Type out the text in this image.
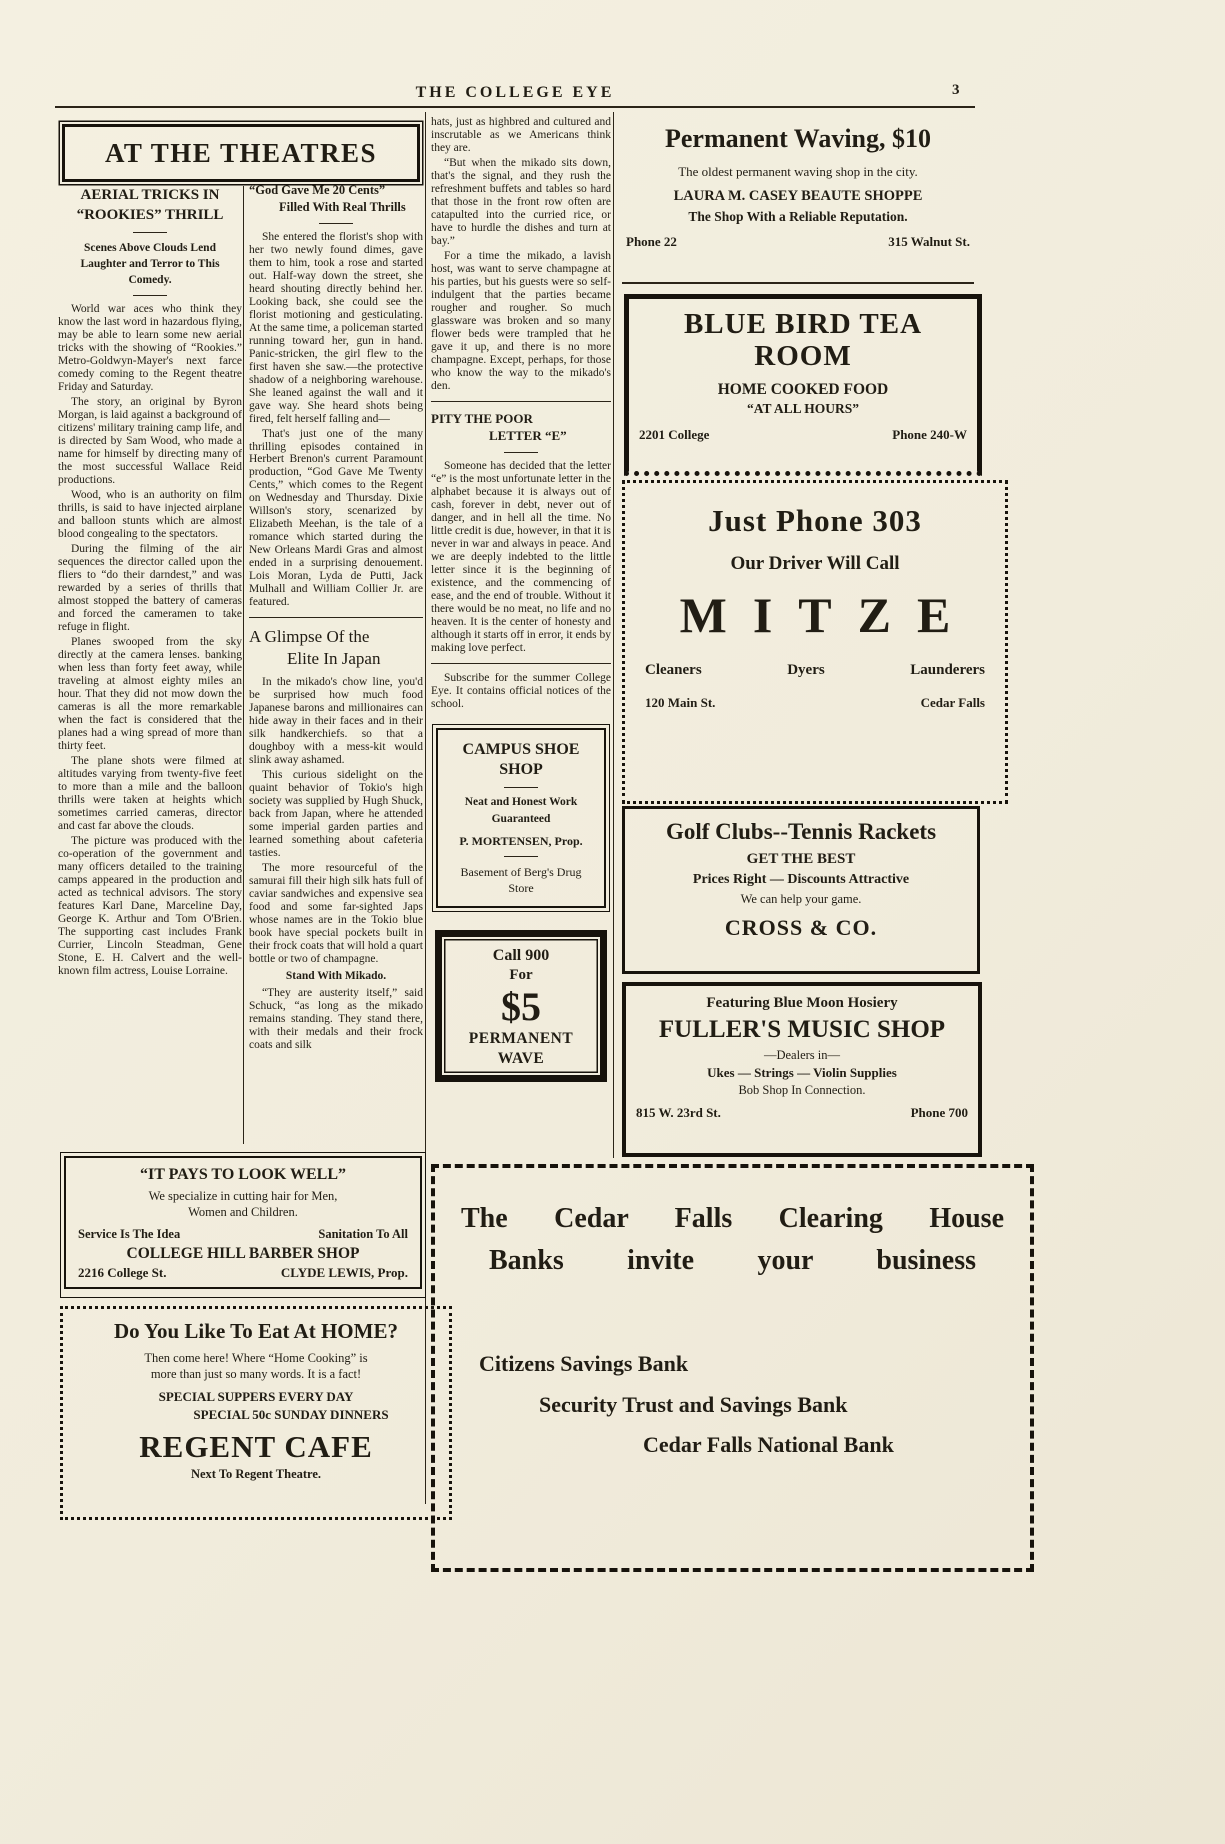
THE COLLEGE EYE	3
AT THE THEATRES
AERIAL TRICKS IN
“ROOKIES” THRILL
Scenes Above Clouds Lend Laughter and Terror to This Comedy.

World war aces who think they know the last word in hazardous flying, may be able to learn some new aerial tricks with the showing of “Rookies.” Metro-Goldwyn-Mayer's next farce comedy coming to the Regent theatre Friday and Saturday.

The story, an original by Byron Morgan, is laid against a background of citizens' military training camp life, and is directed by Sam Wood, who made a name for himself by directing many of the most successful Wallace Reid productions.

Wood, who is an authority on film thrills, is said to have injected airplane and balloon stunts which are almost blood congealing to the spectators.

During the filming of the air sequences the director called upon the fliers to “do their darndest,” and was rewarded by a series of thrills that almost stopped the battery of cameras and forced the cameramen to take refuge in flight.

Planes swooped from the sky directly at the camera lenses. banking when less than forty feet away, while traveling at almost eighty miles an hour. That they did not mow down the cameras is all the more remarkable when the fact is considered that the planes had a wing spread of more than thirty feet.

The plane shots were filmed at altitudes varying from twenty-five feet to more than a mile and the balloon thrills were taken at heights which sometimes carried cameras, director and cast far above the clouds.

The picture was produced with the co-operation of the government and many officers detailed to the training camps appeared in the production and acted as technical advisors. The story features Karl Dane, Marceline Day, George K. Arthur and Tom O'Brien. The supporting cast includes Frank Currier, Lincoln Steadman, Gene Stone, E. H. Calvert and the well-known film actress, Louise Lorraine.

“God Gave Me 20 Cents”
Filled With Real Thrills

She entered the florist's shop with her two newly found dimes, gave them to him, took a rose and started out. Half-way down the street, she heard shouting directly behind her. Looking back, she could see the florist motioning and gesticulating. At the same time, a policeman started running toward her, gun in hand. Panic-stricken, the girl flew to the first haven she saw.—the protective shadow of a neighboring warehouse. She leaned against the wall and it gave way. She heard shots being fired, felt herself falling and—

That's just one of the many thrilling episodes contained in Herbert Brenon's current Paramount production, “God Gave Me Twenty Cents,” which comes to the Regent on Wednesday and Thursday. Dixie Willson's story, scenarized by Elizabeth Meehan, is the tale of a romance which started during the New Orleans Mardi Gras and almost ended in a surprising denouement. Lois Moran, Lyda de Putti, Jack Mulhall and William Collier Jr. are featured.

A Glimpse Of the
Elite In Japan

In the mikado's chow line, you'd be surprised how much food Japanese barons and millionaires can hide away in their faces and in their silk handkerchiefs. so that a doughboy with a mess-kit would slink away ashamed.

This curious sidelight on the quaint behavior of Tokio's high society was supplied by Hugh Shuck, back from Japan, where he attended some imperial garden parties and learned something about cafeteria tasties.

The more resourceful of the samurai fill their high silk hats full of caviar sandwiches and expensive sea food and some far-sighted Japs whose names are in the Tokio blue book have special pockets built in their frock coats that will hold a quart bottle or two of champagne.

Stand With Mikado.

“They are austerity itself,” said Schuck, “as long as the mikado remains standing. They stand there, with their medals and their frock coats and silk

hats, just as highbred and cultured and inscrutable as we Americans think they are.

“But when the mikado sits down, that's the signal, and they rush the refreshment buffets and tables so hard that those in the front row often are catapulted into the curried rice, or have to hurdle the dishes and turn at bay.”

For a time the mikado, a lavish host, was want to serve champagne at his parties, but his guests were so self-indulgent that the parties became rougher and rougher. So much glassware was broken and so many flower beds were trampled that he gave it up, and there is no more champagne. Except, perhaps, for those who know the way to the mikado's den.

PITY THE POOR
LETTER “E”

Someone has decided that the letter “e” is the most unfortunate letter in the alphabet because it is always out of cash, forever in debt, never out of danger, and in hell all the time. No little credit is due, however, in that it is never in war and always in peace. And we are deeply indebted to the little letter since it is the beginning of existence, and the commencing of ease, and the end of trouble. Without it there would be no meat, no life and no heaven. It is the center of honesty and although it starts off in error, it ends by making love perfect.

Subscribe for the summer College Eye. It contains official notices of the school.

CAMPUS SHOE
SHOP
Neat and Honest Work
Guaranteed
P. MORTENSEN, Prop.
Basement of Berg's Drug
Store
Call 900
For
$5
PERMANENT
WAVE
Permanent Waving, $10
The oldest permanent waving shop in the city.
LAURA M. CASEY BEAUTE SHOPPE
The Shop With a Reliable Reputation.
Phone 22	315 Walnut St.
BLUE BIRD TEA
ROOM
HOME COOKED FOOD
“AT ALL HOURS”
2201 College	Phone 240-W
Just Phone 303
Our Driver Will Call
MITZE
Cleaners	Dyers	Launderers
120 Main St.	Cedar Falls
Golf Clubs--Tennis Rackets
GET THE BEST
Prices Right — Discounts Attractive
We can help your game.
CROSS & CO.
Featuring Blue Moon Hosiery
FULLER'S MUSIC SHOP
—Dealers in—
Ukes — Strings — Violin Supplies
Bob Shop In Connection.
815 W. 23rd St.	Phone 700
The Cedar Falls Clearing House
Banks invite your business
Citizens Savings Bank
Security Trust and Savings Bank
Cedar Falls National Bank
“IT PAYS TO LOOK WELL”
We specialize in cutting hair for Men,
Women and Children.
Service Is The Idea	Sanitation To All
COLLEGE HILL BARBER SHOP
2216 College St.	CLYDE LEWIS, Prop.
Do You Like To Eat At HOME?
Then come here! Where “Home Cooking” is more than just so many words. It is a fact!
SPECIAL SUPPERS EVERY DAY
SPECIAL 50c SUNDAY DINNERS
REGENT CAFE
Next To Regent Theatre.
